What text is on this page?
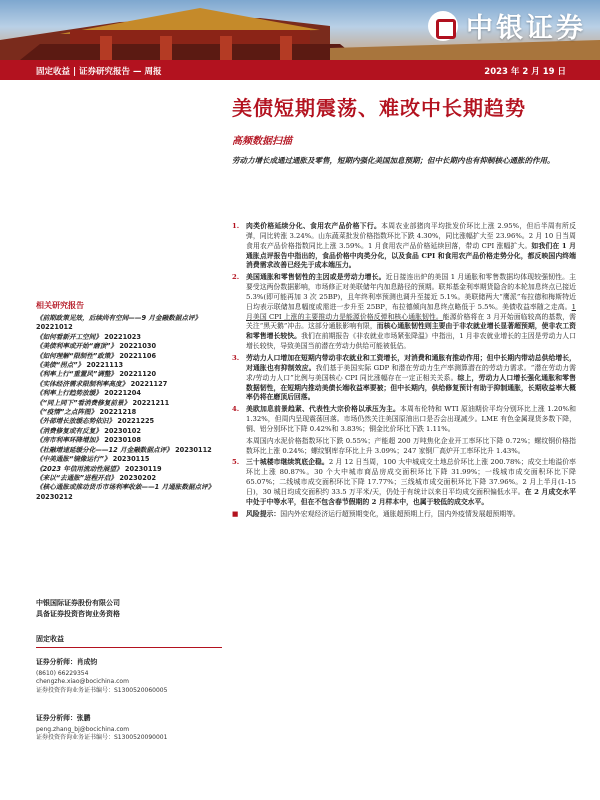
中银证券
固定收益 | 证券研究报告 — 周报	2023 年 2 月 19 日
美债短期震荡、难改中长期趋势
高频数据扫描
劳动力增长成通过通胀及零售，短期内强化美国加息预期；但中长期内也有抑制核心通胀的作用。
1. 肉类价格延续分化、食用农产品价格下行。本周农业部猪肉平均批发价环比上涨 2.95%，但后半周有所反弹，同比转涨 3.24%。山东蔬菜批发价格指数环比下跌 4.30%，同比涨幅扩大至 23.96%。2 月 10 日当周食用农产品价格指数同比上涨 3.59%。1 月食用农产品价格延续回落，带动 CPI 涨幅扩大。如我们在 1 月通胀点评报告中指出的，食品价格中肉类分化，以及食品 CPI 和食用农产品价格走势分化，都反映国内终端消费需求改善已经先于成本端压力。
2. 美国通胀和零售韧性的主因或是劳动力增长。近日接连出炉的美国 1 月通胀和零售数据均体现较强韧性。主要受这两份数据影响，市场修正对美联储年内加息路径的预期。联邦基金利率期货隐含的本轮加息终点已接近 5.3%(即可能再加 3 次 25BP)，且年终利率预测也调升至接近 5.1%。美联储两大“鹰派”布拉德和梅斯特近日均表示联储加息幅度或需进一步升至 25BP，布拉德倾向加息终点略低于 5.5%。美债收益率随之走高。1 月美国 CPI 上涨的主要推动力是能源价格反弹和核心通胀韧性。能源价格将在 3 月开始面临较高的基数，需关注“黑天鹅”冲击。这部分通胀影响有限，而核心通胀韧性则主要由于非农就业增长显著超预期，使非农工资和零售增长较快。我们在前期报告《非农就业市场紧张降温》中指出，1 月非农就业增长的主因是劳动力人口增长较快，导致美国当前潜在劳动力供给可能被低估。
3. 劳动力人口增加在短期内带动非农就业和工资增长，对消费和通胀有推动作用；但中长期内带动总供给增长，对通胀也有抑制效应。我们基于美国实际 GDP 和潜在劳动力生产率测算潜在的劳动力需求。“潜在劳动力需求/劳动力人口”比例与美国核心 CPI 同比涨幅存在一定正相关关系。综上，劳动力人口增长强化通胀和零售数据韧性，在短期内推动美债长端收益率要被；但中长期内，供给修复预计有助于抑制通胀，长期收益率大概率仍将在磨顶后回落。
4. 美欧加息前景趋紧、代表性大宗价格以承压为主。本周布伦特和 WTI 原油期价平均分别环比上涨 1.20%和 1.32%，但周内呈现震荡回落。市场仍然关注美国原油出口是否会出现减少。LME 有色金属现货多数下降，铜、铝分别环比下降 0.42%和 3.83%；铜金比价环比下跌 1.11%。
本周国内水泥价格指数环比下跌 0.55%；产能超 200 万吨焦化企业开工率环比下降 0.72%；螺纹钢价格指数环比上涨 0.24%；螺纹钢库存环比上升 3.09%；247 家钢厂高炉开工率环比升 1.43%。
5. 三十城楼市继续筑底企稳。2 月 12 日当周，100 大中城成交土地总价环比上涨 200.78%；成交土地溢价率环比上涨 80.87%。30 个大中城市商品房成交面积环比下降 31.99%；一线城市成交面积环比下降 65.07%；二线城市成交面积环比下降 17.77%；三线城市成交面积环比下降 37.96%。2 月上半月(1-15 日)，30 城日均成交面积约 33.5 万平米/天，仍处于有统计以来日平均成交面积偏低水平。在 2 月成交水平中处于中等水平，但在不包含春节假期的 2 月样本中，也属于较低的成交水平。
■ 风险提示：国内外宏观经济运行超预期变化，通胀超预期上行，国内外疫情发展超预期等。
相关研究报告
《前期政策见效，后续尚有空间——9 月金融数据点评》 20221012
《如何看新开工空间》 20221023
《美债利率或开始“磨顶”》 20221030
《如何理解“限制性”政策》 20221106
《美债“拐点”》 20221113
《利率上行“重置风”调整》 20221120
《实体经济需求限制利率高度》 20221127
《利率上行趋势放缓》 20221204
《“同上同下”看消费修复前景》 20221211
《“疫情”之点阵图》 20221218
《外部增长放缓态势依旧》 20221225
《消费修复或有反复》 20230102
《房市利率环降增加》 20230108
《社融增速延缓分化——12 月金融数据点评》 20230112
《中美通胀“镜像运行”》 20230115
《2023 年信用流动性展望》 20230119
《来以“去通胀”进程开启》 20230202
《核心通胀或推动货币市场利率收敛——1 月通胀数据点评》 20230212
中银国际证券股份有限公司
具备证券投资咨询业务资格
固定收益
证券分析师：肖成钧
(8610) 66229354
chengzhe.xiao@bocichina.com
证券投资咨询业务证书编号：S1300520060005
证券分析师：张鹏
peng.zhang_bj@bocichina.com
证券投资咨询业务证书编号：S1300520090001
